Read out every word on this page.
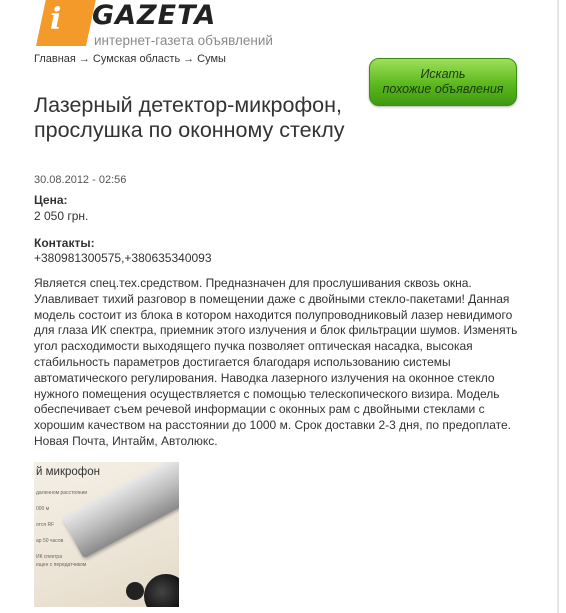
i GAZETA
интернет-газета объявлений
Главная → Сумская область → Сумы
Искать
похожие объявления
Лазерный детектор-микрофон, прослушка по оконному стеклу
30.08.2012 - 02:56
Цена:
2 050 грн.
Контакты:
+380981300575,+380635340093

Является спец.тех.средством. Предназначен для прослушивания сквозь окна. Улавливает тихий разговор в помещении даже с двойными стекло-пакетами! Данная модель состоит из блока в котором находится полупроводниковый лазер невидимого для глаза ИК спектра, приемник этого излучения и блок фильтрации шумов. Изменять угол расходимости выходящего пучка позволяет оптическая насадка, высокая стабильность параметров достигается благодаря использованию системы автоматического регулирования. Наводка лазерного излучения на оконное стекло нужного помещения осуществляется с помощью телескопического визира. Модель обеспечивает съем речевой информации с оконных рам с двойными стеклами с хорошим качеством на расстоянии до 1000 м. Срок доставки 2-3 дня, по предоплате. Новая Почта, Интайм, Автолюкс.

й микрофон
даленном расстоянии
000 м
отся RF
ар 50 часов
ИК спектра
ещен с передатчиком
